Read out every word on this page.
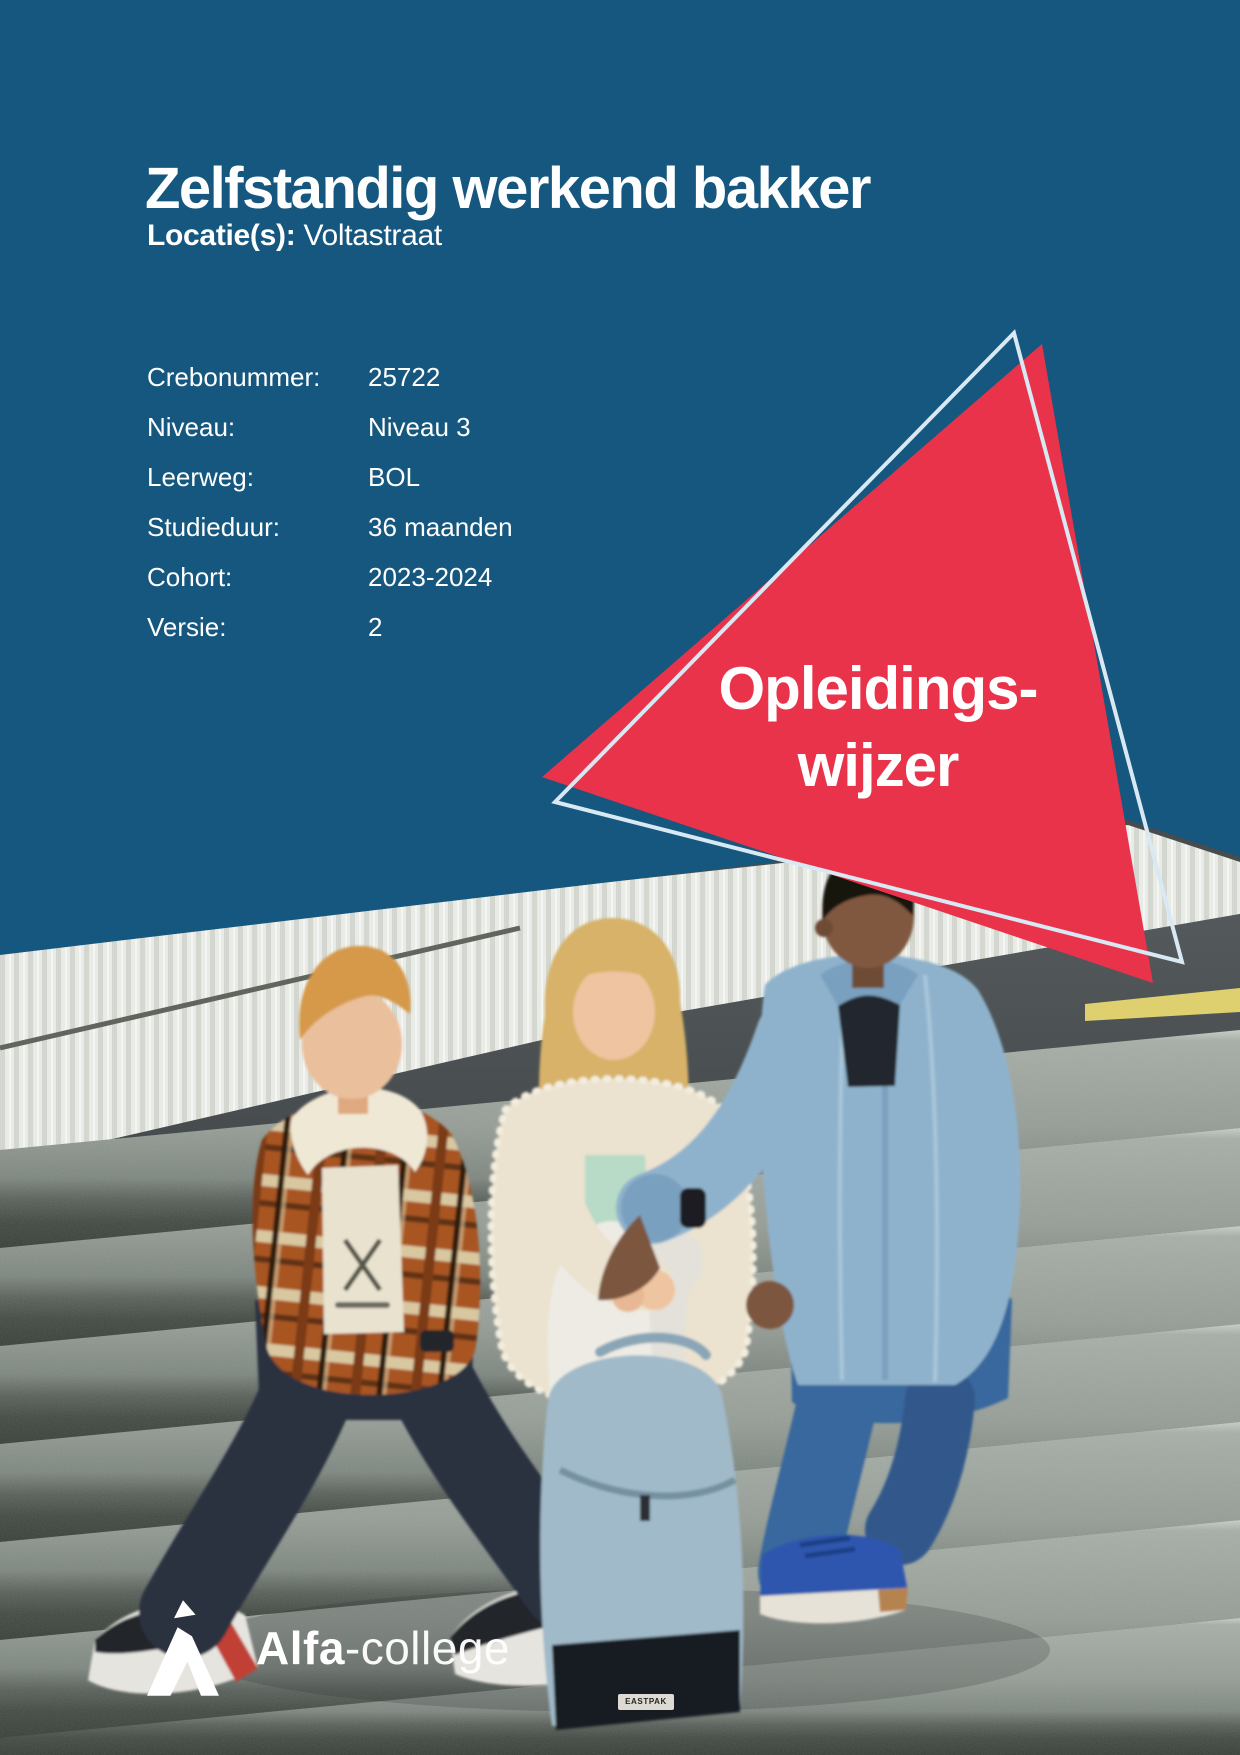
Zelfstandig werkend bakker
Locatie(s): Voltastraat
Crebonummer:	25722
Niveau:	Niveau 3
Leerweg:	BOL
Studieduur:	36 maanden
Cohort:	2023-2024
Versie:	2
Opleidings-
wijzer
EASTPAK
Alfa-college
